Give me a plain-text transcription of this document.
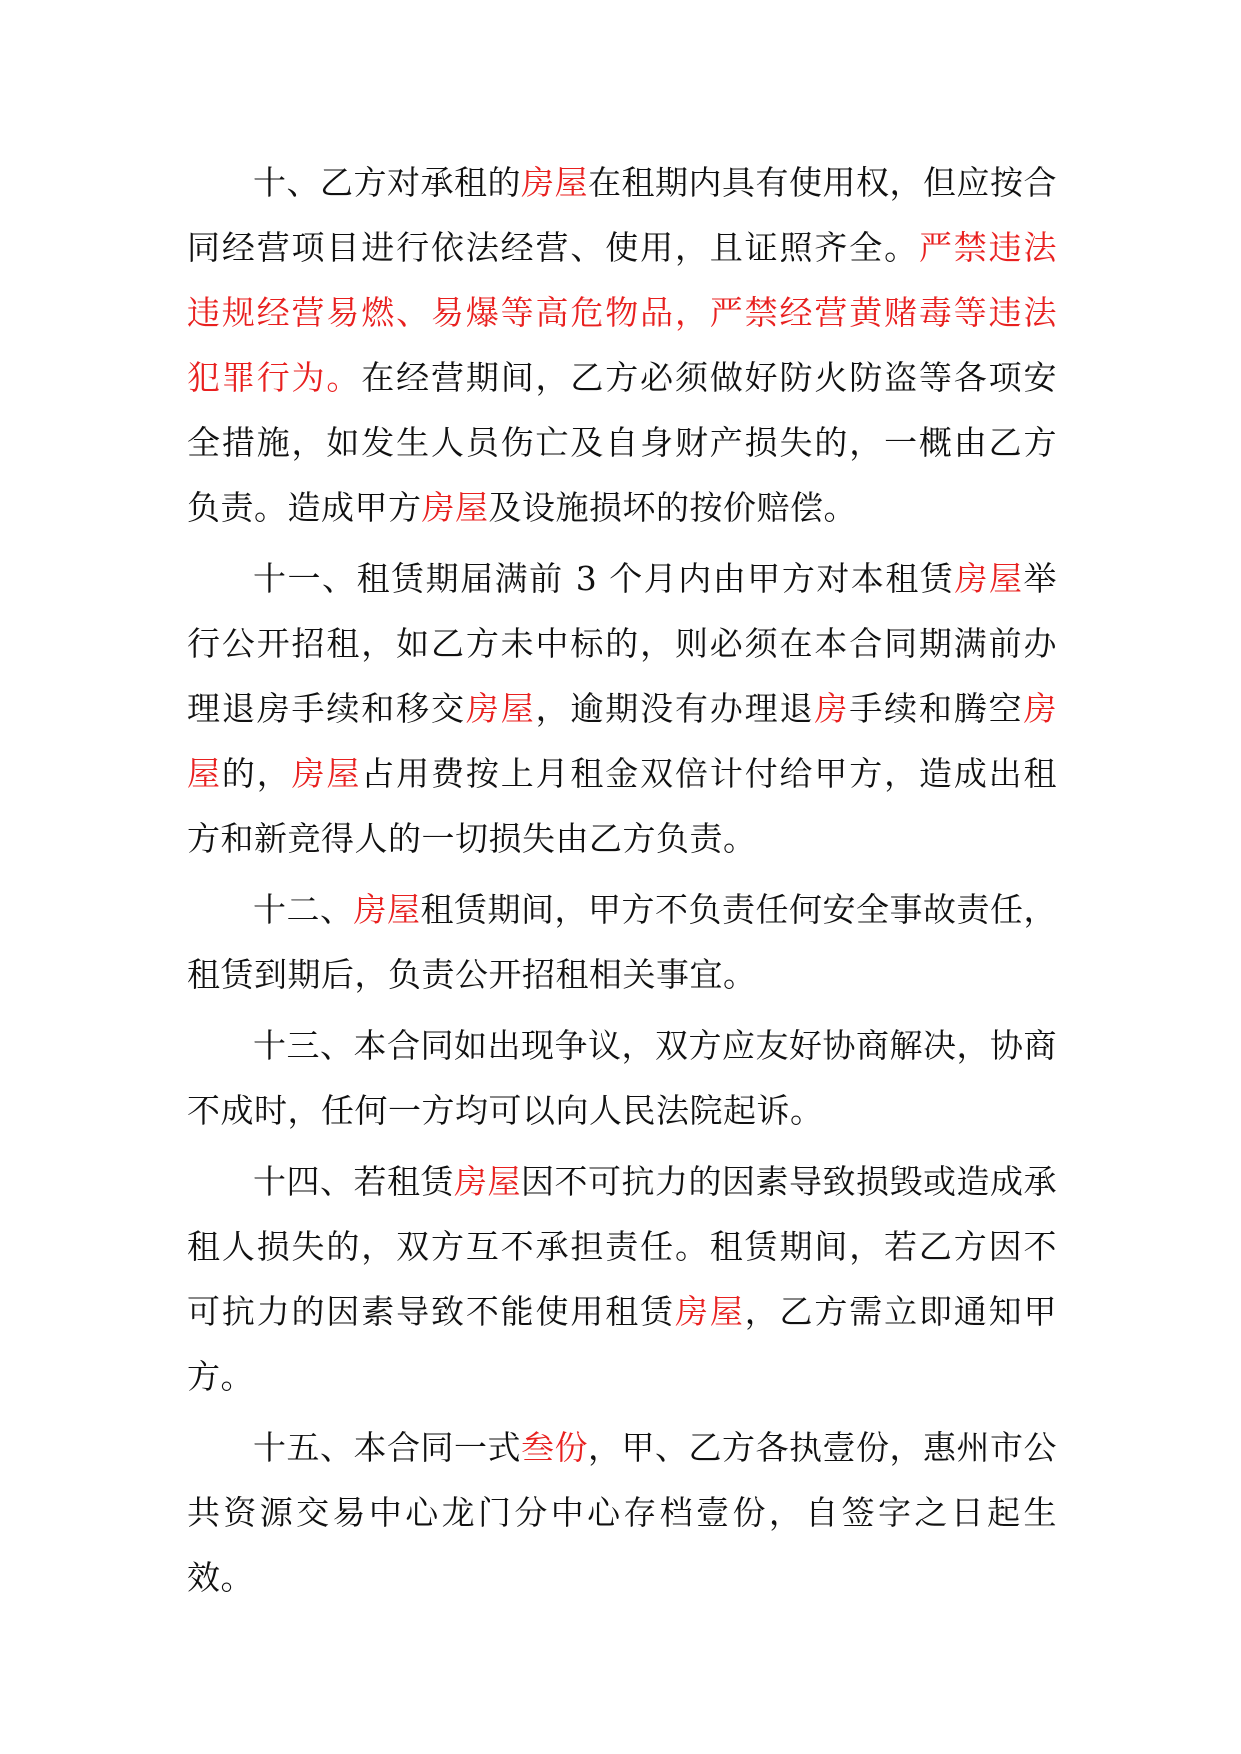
十、乙方对承租的房屋在租期内具有使用权，但应按合同经营项目进行依法经营、使用，且证照齐全。严禁违法违规经营易燃、易爆等高危物品，严禁经营黄赌毒等违法犯罪行为。在经营期间，乙方必须做好防火防盗等各项安全措施，如发生人员伤亡及自身财产损失的，一概由乙方负责。造成甲方房屋及设施损坏的按价赔偿。

十一、租赁期届满前 3 个月内由甲方对本租赁房屋举行公开招租，如乙方未中标的，则必须在本合同期满前办理退房手续和移交房屋，逾期没有办理退房手续和腾空房屋的，房屋占用费按上月租金双倍计付给甲方，造成出租方和新竞得人的一切损失由乙方负责。

十二、房屋租赁期间，甲方不负责任何安全事故责任，租赁到期后，负责公开招租相关事宜。

十三、本合同如出现争议，双方应友好协商解决，协商不成时，任何一方均可以向人民法院起诉。

十四、若租赁房屋因不可抗力的因素导致损毁或造成承租人损失的，双方互不承担责任。租赁期间，若乙方因不可抗力的因素导致不能使用租赁房屋，乙方需立即通知甲方。

十五、本合同一式叁份，甲、乙方各执壹份，惠州市公共资源交易中心龙门分中心存档壹份，自签字之日起生效。
